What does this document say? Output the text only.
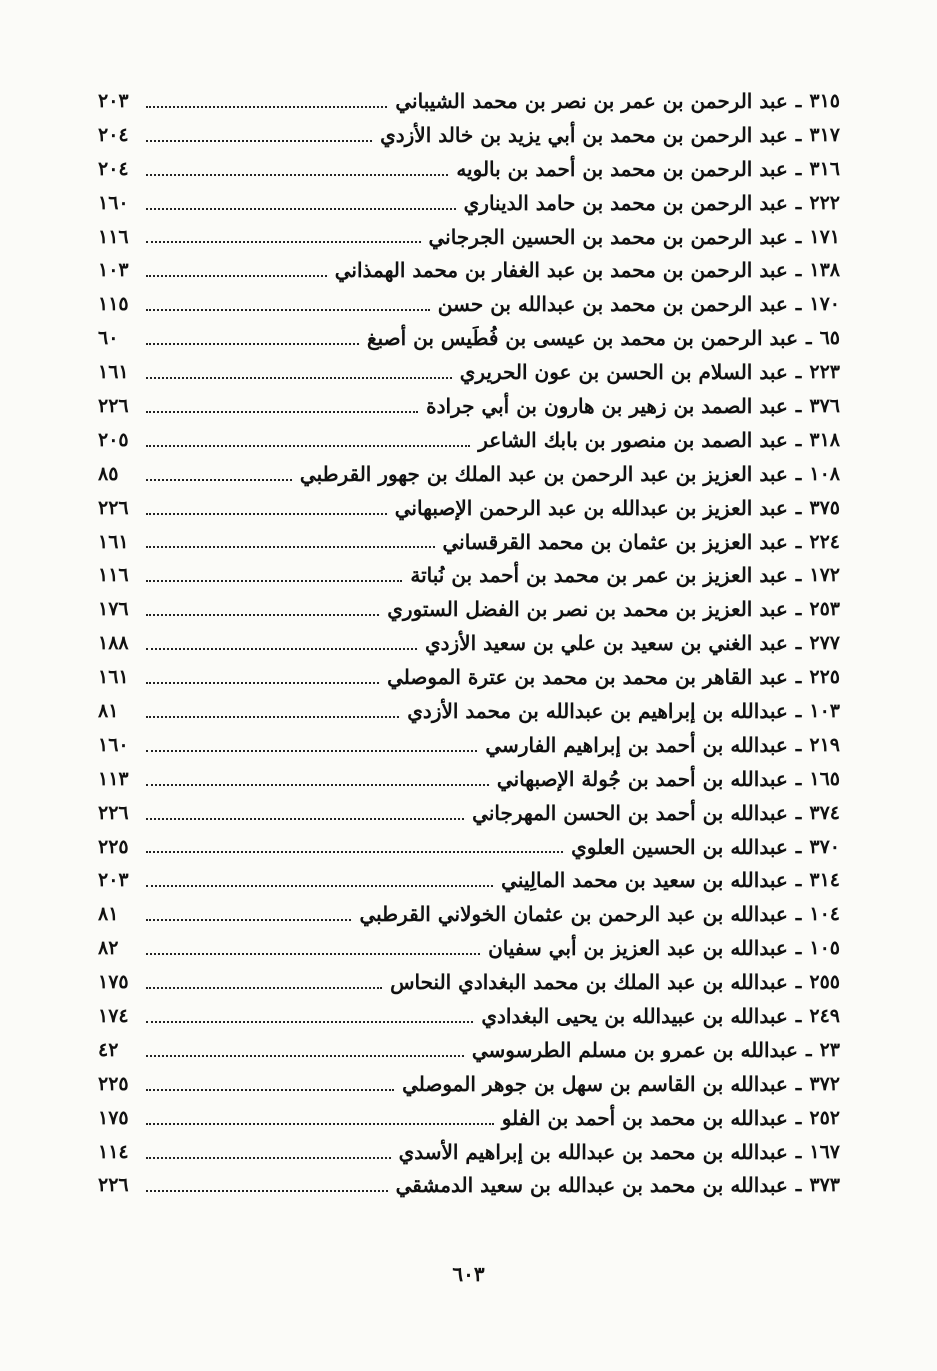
٣١٥
ـ
عبد الرحمن بن عمر بن نصر بن محمد الشيباني
٢٠٣
٣١٧
ـ
عبد الرحمن بن محمد بن أبي يزيد بن خالد الأزدي
٢٠٤
٣١٦
ـ
عبد الرحمن بن محمد بن أحمد بن بالويه
٢٠٤
٢٢٢
ـ
عبد الرحمن بن محمد بن حامد الديناري
١٦٠
١٧١
ـ
عبد الرحمن بن محمد بن الحسين الجرجاني
١١٦
١٣٨
ـ
عبد الرحمن بن محمد بن عبد الغفار بن محمد الهمذاني
١٠٣
١٧٠
ـ
عبد الرحمن بن محمد بن عبدالله بن حسن
١١٥
٦٥
ـ
عبد الرحمن بن محمد بن عيسى بن فُطَيس بن أصبغ
٦٠
٢٢٣
ـ
عبد السلام بن الحسن بن عون الحريري
١٦١
٣٧٦
ـ
عبد الصمد بن زهير بن هارون بن أبي جرادة
٢٢٦
٣١٨
ـ
عبد الصمد بن منصور بن بابك الشاعر
٢٠٥
١٠٨
ـ
عبد العزيز بن عبد الرحمن بن عبد الملك بن جهور القرطبي
٨٥
٣٧٥
ـ
عبد العزيز بن عبدالله بن عبد الرحمن الإصبهاني
٢٢٦
٢٢٤
ـ
عبد العزيز بن عثمان بن محمد القرقساني
١٦١
١٧٢
ـ
عبد العزيز بن عمر بن محمد بن أحمد بن نُباتة
١١٦
٢٥٣
ـ
عبد العزيز بن محمد بن نصر بن الفضل الستوري
١٧٦
٢٧٧
ـ
عبد الغني بن سعيد بن علي بن سعيد الأزدي
١٨٨
٢٢٥
ـ
عبد القاهر بن محمد بن محمد بن عترة الموصلي
١٦١
١٠٣
ـ
عبدالله بن إبراهيم بن عبدالله بن محمد الأزدي
٨١
٢١٩
ـ
عبدالله بن أحمد بن إبراهيم الفارسي
١٦٠
١٦٥
ـ
عبدالله بن أحمد بن جُولة الإصبهاني
١١٣
٣٧٤
ـ
عبدالله بن أحمد بن الحسن المهرجاني
٢٢٦
٣٧٠
ـ
عبدالله بن الحسين العلوي
٢٢٥
٣١٤
ـ
عبدالله بن سعيد بن محمد المالِيني
٢٠٣
١٠٤
ـ
عبدالله بن عبد الرحمن بن عثمان الخولاني القرطبي
٨١
١٠٥
ـ
عبدالله بن عبد العزيز بن أبي سفيان
٨٢
٢٥٥
ـ
عبدالله بن عبد الملك بن محمد البغدادي النحاس
١٧٥
٢٤٩
ـ
عبدالله بن عبيدالله بن يحيى البغدادي
١٧٤
٢٣
ـ
عبدالله بن عمرو بن مسلم الطرسوسي
٤٢
٣٧٢
ـ
عبدالله بن القاسم بن سهل بن جوهر الموصلي
٢٢٥
٢٥٢
ـ
عبدالله بن محمد بن أحمد بن الفلو
١٧٥
١٦٧
ـ
عبدالله بن محمد بن عبدالله بن إبراهيم الأسدي
١١٤
٣٧٣
ـ
عبدالله بن محمد بن عبدالله بن سعيد الدمشقي
٢٢٦
٦٠٣
